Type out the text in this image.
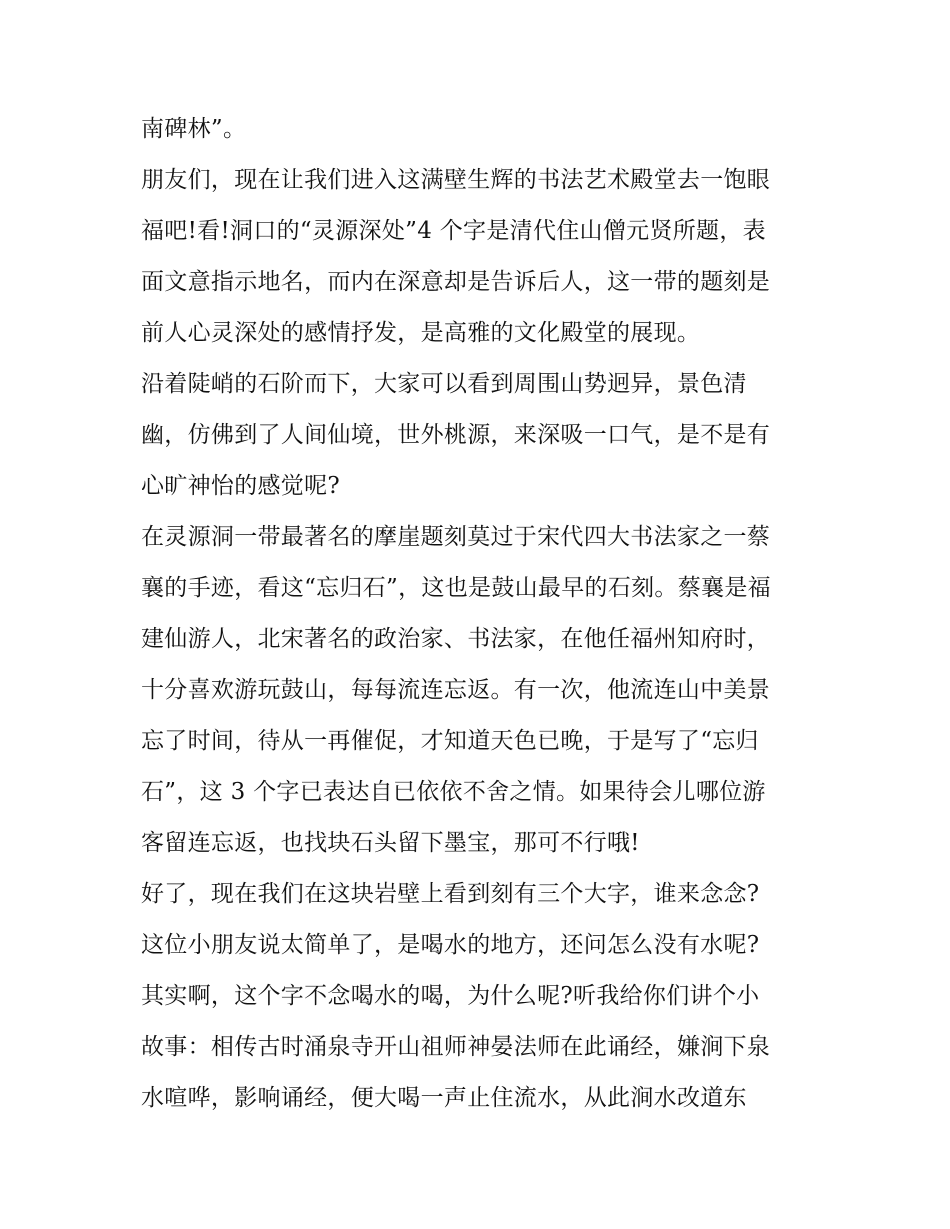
南碑林”。
朋友们，现在让我们进入这满壁生辉的书法艺术殿堂去一饱眼
福吧!看!洞口的“灵源深处”4 个字是清代住山僧元贤所题，表
面文意指示地名，而内在深意却是告诉后人，这一带的题刻是
前人心灵深处的感情抒发，是高雅的文化殿堂的展现。
沿着陡峭的石阶而下，大家可以看到周围山势迥异，景色清
幽，仿佛到了人间仙境，世外桃源，来深吸一口气，是不是有
心旷神怡的感觉呢?
在灵源洞一带最著名的摩崖题刻莫过于宋代四大书法家之一蔡
襄的手迹，看这“忘归石”，这也是鼓山最早的石刻。蔡襄是福
建仙游人，北宋著名的政治家、书法家，在他任福州知府时，
十分喜欢游玩鼓山，每每流连忘返。有一次，他流连山中美景
忘了时间，待从一再催促，才知道天色已晚，于是写了“忘归
石”，这 3 个字已表达自已依依不舍之情。如果待会儿哪位游
客留连忘返，也找块石头留下墨宝，那可不行哦!
好了，现在我们在这块岩壁上看到刻有三个大字，谁来念念?
这位小朋友说太简单了，是喝水的地方，还问怎么没有水呢?
其实啊，这个字不念喝水的喝，为什么呢?听我给你们讲个小
故事：相传古时涌泉寺开山祖师神晏法师在此诵经，嫌涧下泉
水喧哗，影响诵经，便大喝一声止住流水，从此涧水改道东
